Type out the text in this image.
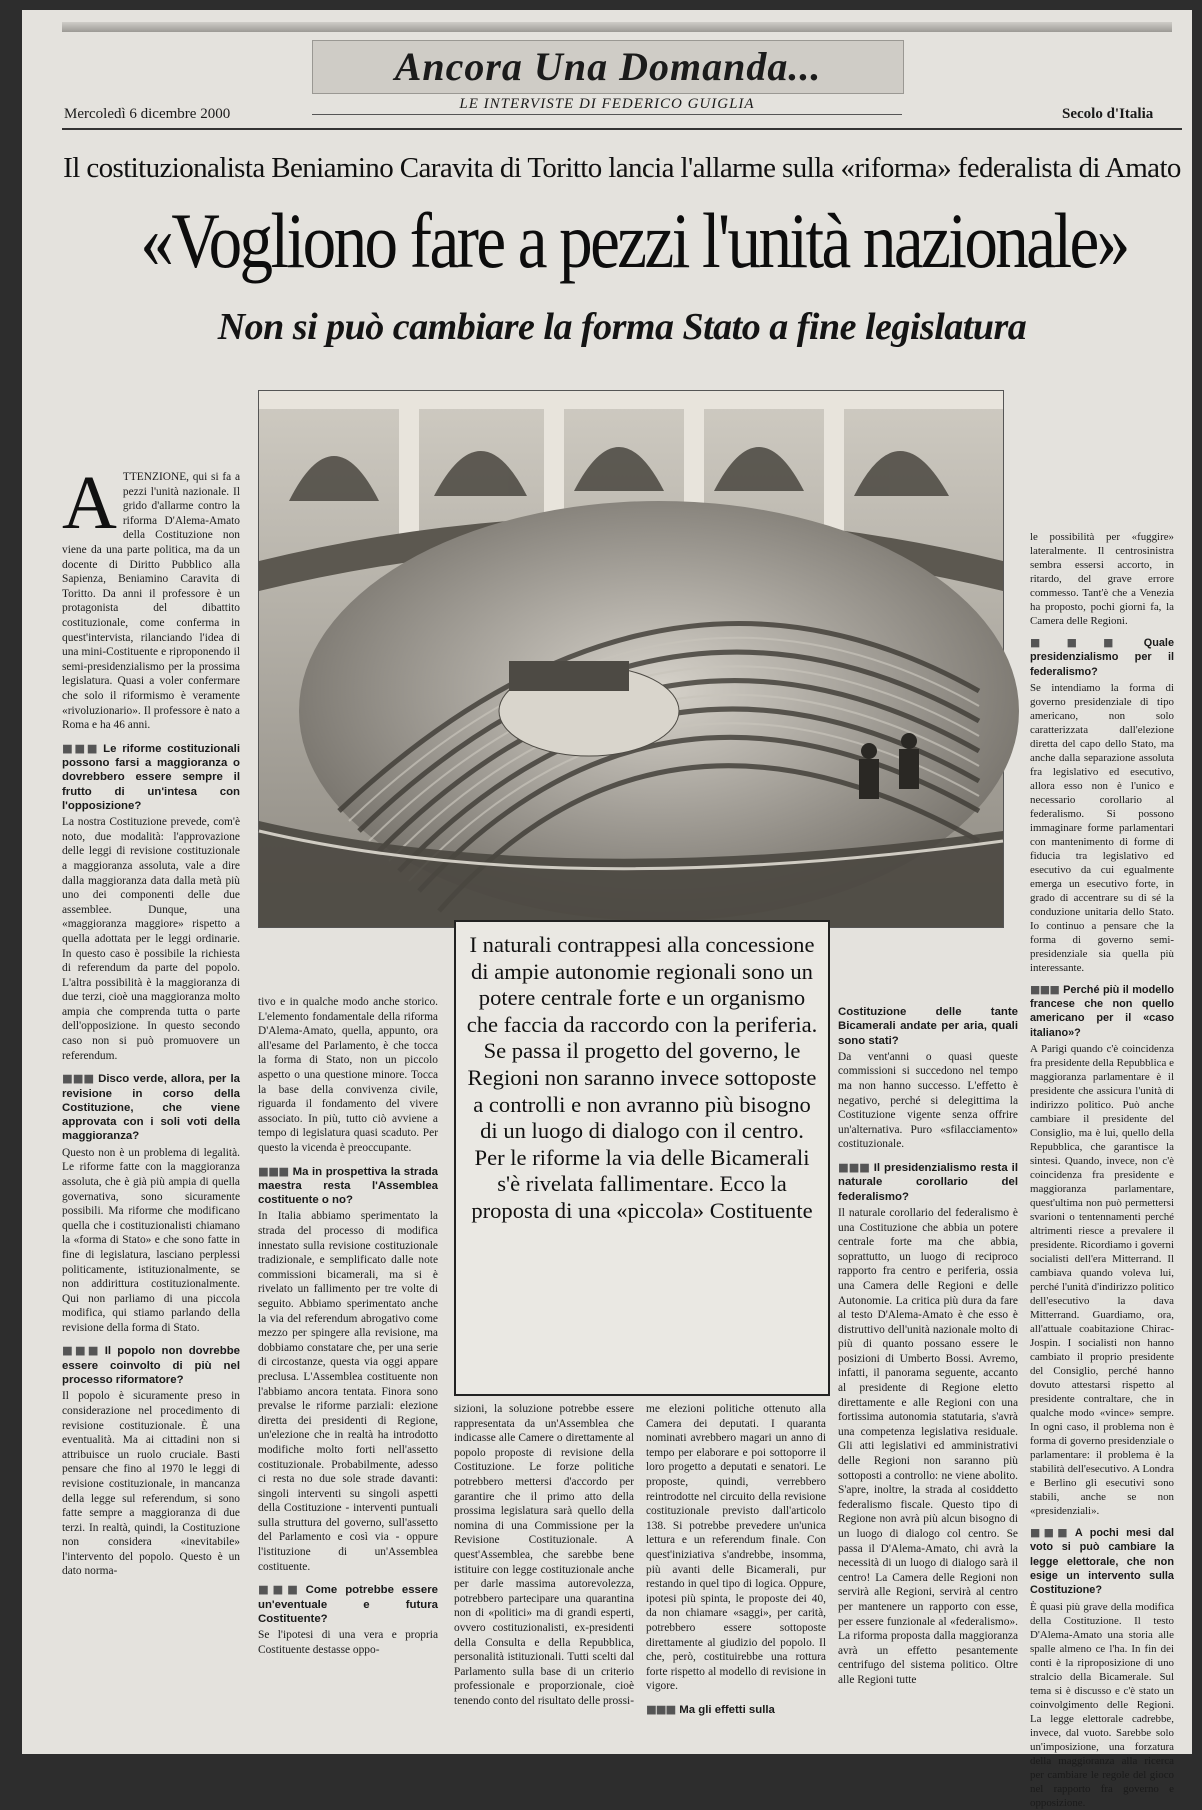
Ancora Una Domanda...
LE INTERVISTE DI FEDERICO GUIGLIA
Mercoledì 6 dicembre 2000	Secolo d'Italia
Il costituzionalista Beniamino Caravita di Toritto lancia l'allarme sulla «riforma» federalista di Amato
«Vogliono fare a pezzi l'unità nazionale»
Non si può cambiare la forma Stato a fine legislatura

A TTENZIONE, qui si fa a pezzi l'unità nazionale. Il grido d'allarme contro la riforma D'Alema-Amato della Costituzione non viene da una parte politica, ma da un docente di Diritto Pubblico alla Sapienza, Beniamino Caravita di Toritto. Da anni il professore è un protagonista del dibattito costituzionale, come conferma in quest'intervista, rilanciando l'idea di una mini-Costituente e riproponendo il semi-presidenzialismo per la prossima legislatura. Quasi a voler confermare che solo il riformismo è veramente «rivoluzionario». Il professore è nato a Roma e ha 46 anni.

■■■ Le riforme costituzionali possono farsi a maggioranza o dovrebbero essere sempre il frutto di un'intesa con l'opposizione?

La nostra Costituzione prevede, com'è noto, due modalità: l'approvazione delle leggi di revisione costituzionale a maggioranza assoluta, vale a dire dalla maggioranza data dalla metà più uno dei componenti delle due assemblee. Dunque, una «maggioranza maggiore» rispetto a quella adottata per le leggi ordinarie. In questo caso è possibile la richiesta di referendum da parte del popolo. L'altra possibilità è la maggioranza di due terzi, cioè una maggioranza molto ampia che comprenda tutta o parte dell'opposizione. In questo secondo caso non si può promuovere un referendum.

■■■ Disco verde, allora, per la revisione in corso della Costituzione, che viene approvata con i soli voti della maggioranza?

Questo non è un problema di legalità. Le riforme fatte con la maggioranza assoluta, che è già più ampia di quella governativa, sono sicuramente possibili. Ma riforme che modificano quella che i costituzionalisti chiamano la «forma di Stato» e che sono fatte in fine di legislatura, lasciano perplessi politicamente, istituzionalmente, se non addirittura costituzionalmente. Qui non parliamo di una piccola modifica, qui stiamo parlando della revisione della forma di Stato.

■■■ Il popolo non dovrebbe essere coinvolto di più nel processo riformatore?

Il popolo è sicuramente preso in considerazione nel procedimento di revisione costituzionale. È una eventualità. Ma ai cittadini non si attribuisce un ruolo cruciale. Basti pensare che fino al 1970 le leggi di revisione costituzionale, in mancanza della legge sul referendum, si sono fatte sempre a maggioranza di due terzi. In realtà, quindi, la Costituzione non considera «inevitabile» l'intervento del popolo. Questo è un dato norma-

I naturali contrappesi alla concessione di ampie autonomie regionali sono un potere centrale forte e un organismo che faccia da raccordo con la periferia. Se passa il progetto del governo, le Regioni non saranno invece sottoposte a controlli e non avranno più bisogno di un luogo di dialogo con il centro. Per le riforme la via delle Bicamerali s'è rivelata fallimentare. Ecco la proposta di una «piccola» Costituente

tivo e in qualche modo anche storico. L'elemento fondamentale della riforma D'Alema-Amato, quella, appunto, ora all'esame del Parlamento, è che tocca la forma di Stato, non un piccolo aspetto o una questione minore. Tocca la base della convivenza civile, riguarda il fondamento del vivere associato. In più, tutto ciò avviene a tempo di legislatura quasi scaduto. Per questo la vicenda è preoccupante.

■■■ Ma in prospettiva la strada maestra resta l'Assemblea costituente o no?

In Italia abbiamo sperimentato la strada del processo di modifica innestato sulla revisione costituzionale tradizionale, e semplificato dalle note commissioni bicamerali, ma si è rivelato un fallimento per tre volte di seguito. Abbiamo sperimentato anche la via del referendum abrogativo come mezzo per spingere alla revisione, ma dobbiamo constatare che, per una serie di circostanze, questa via oggi appare preclusa. L'Assemblea costituente non l'abbiamo ancora tentata. Finora sono prevalse le riforme parziali: elezione diretta dei presidenti di Regione, un'elezione che in realtà ha introdotto modifiche molto forti nell'assetto costituzionale. Probabilmente, adesso ci resta no due sole strade davanti: singoli interventi su singoli aspetti della Costituzione - interventi puntuali sulla struttura del governo, sull'assetto del Parlamento e così via - oppure l'istituzione di un'Assemblea costituente.

■■■ Come potrebbe essere un'eventuale e futura Costituente?

Se l'ipotesi di una vera e propria Costituente destasse oppo-

sizioni, la soluzione potrebbe essere rappresentata da un'Assemblea che indicasse alle Camere o direttamente al popolo proposte di revisione della Costituzione. Le forze politiche potrebbero mettersi d'accordo per garantire che il primo atto della prossima legislatura sarà quello della nomina di una Commissione per la Revisione Costituzionale. A quest'Assemblea, che sarebbe bene istituire con legge costituzionale anche per darle massima autorevolezza, potrebbero partecipare una quarantina non di «politici» ma di grandi esperti, ovvero costituzionalisti, ex-presidenti della Consulta e della Repubblica, personalità istituzionali. Tutti scelti dal Parlamento sulla base di un criterio professionale e proporzionale, cioè tenendo conto del risultato delle prossi-

me elezioni politiche ottenuto alla Camera dei deputati. I quaranta nominati avrebbero magari un anno di tempo per elaborare e poi sottoporre il loro progetto a deputati e senatori. Le proposte, quindi, verrebbero reintrodotte nel circuito della revisione costituzionale previsto dall'articolo 138. Si potrebbe prevedere un'unica lettura e un referendum finale. Con quest'iniziativa s'andrebbe, insomma, più avanti delle Bicamerali, pur restando in quel tipo di logica. Oppure, ipotesi più spinta, le proposte dei 40, da non chiamare «saggi», per carità, potrebbero essere sottoposte direttamente al giudizio del popolo. Il che, però, costituirebbe una rottura forte rispetto al modello di revisione in vigore.

■■■ Ma gli effetti sulla
Costituzione delle tante Bicamerali andate per aria, quali sono stati?

Da vent'anni o quasi queste commissioni si succedono nel tempo ma non hanno successo. L'effetto è negativo, perché si delegittima la Costituzione vigente senza offrire un'alternativa. Puro «sfilacciamento» costituzionale.

■■■ Il presidenzialismo resta il naturale corollario del federalismo?

Il naturale corollario del federalismo è una Costituzione che abbia un potere centrale forte ma che abbia, soprattutto, un luogo di reciproco rapporto fra centro e periferia, ossia una Camera delle Regioni e delle Autonomie. La critica più dura da fare al testo D'Alema-Amato è che esso è distruttivo dell'unità nazionale molto di più di quanto possano essere le posizioni di Umberto Bossi. Avremo, infatti, il panorama seguente, accanto al presidente di Regione eletto direttamente e alle Regioni con una fortissima autonomia statutaria, s'avrà una competenza legislativa residuale. Gli atti legislativi ed amministrativi delle Regioni non saranno più sottoposti a controllo: ne viene abolito. S'apre, inoltre, la strada al cosiddetto federalismo fiscale. Questo tipo di Regione non avrà più alcun bisogno di un luogo di dialogo col centro. Se passa il D'Alema-Amato, chi avrà la necessità di un luogo di dialogo sarà il centro! La Camera delle Regioni non servirà alle Regioni, servirà al centro per mantenere un rapporto con esse, per essere funzionale al «federalismo». La riforma proposta dalla maggioranza avrà un effetto pesantemente centrifugo del sistema politico. Oltre alle Regioni tutte

le possibilità per «fuggire» lateralmente. Il centrosinistra sembra essersi accorto, in ritardo, del grave errore commesso. Tant'è che a Venezia ha proposto, pochi giorni fa, la Camera delle Regioni.

■■■ Quale presidenzialismo per il federalismo?

Se intendiamo la forma di governo presidenziale di tipo americano, non solo caratterizzata dall'elezione diretta del capo dello Stato, ma anche dalla separazione assoluta fra legislativo ed esecutivo, allora esso non è l'unico e necessario corollario al federalismo. Si possono immaginare forme parlamentari con mantenimento di forme di fiducia tra legislativo ed esecutivo da cui egualmente emerga un esecutivo forte, in grado di accentrare su di sé la conduzione unitaria dello Stato. Io continuo a pensare che la forma di governo semi-presidenziale sia quella più interessante.

■■■ Perché più il modello francese che non quello americano per il «caso italiano»?

A Parigi quando c'è coincidenza fra presidente della Repubblica e maggioranza parlamentare è il presidente che assicura l'unità di indirizzo politico. Può anche cambiare il presidente del Consiglio, ma è lui, quello della Repubblica, che garantisce la sintesi. Quando, invece, non c'è coincidenza fra presidente e maggioranza parlamentare, quest'ultima non può permettersi svarioni o tentennamenti perché altrimenti riesce a prevalere il presidente. Ricordiamo i governi socialisti dell'era Mitterrand. Il cambiava quando voleva lui, perché l'unità d'indirizzo politico dell'esecutivo la dava Mitterrand. Guardiamo, ora, all'attuale coabitazione Chirac-Jospin. I socialisti non hanno cambiato il proprio presidente del Consiglio, perché hanno dovuto attestarsi rispetto al presidente contraltare, che in qualche modo «vince» sempre. In ogni caso, il problema non è forma di governo presidenziale o parlamentare: il problema è la stabilità dell'esecutivo. A Londra e Berlino gli esecutivi sono stabili, anche se non «presidenziali».

■■■ A pochi mesi dal voto si può cambiare la legge elettorale, che non esige un intervento sulla Costituzione?

È quasi più grave della modifica della Costituzione. Il testo D'Alema-Amato una storia alle spalle almeno ce l'ha. In fin dei conti è la riproposizione di uno stralcio della Bicamerale. Sul tema si è discusso e c'è stato un coinvolgimento delle Regioni. La legge elettorale cadrebbe, invece, dal vuoto. Sarebbe solo un'imposizione, una forzatura della maggioranza alla ricerca per cambiare le regole del gioco nel rapporto fra governo e opposizione.
